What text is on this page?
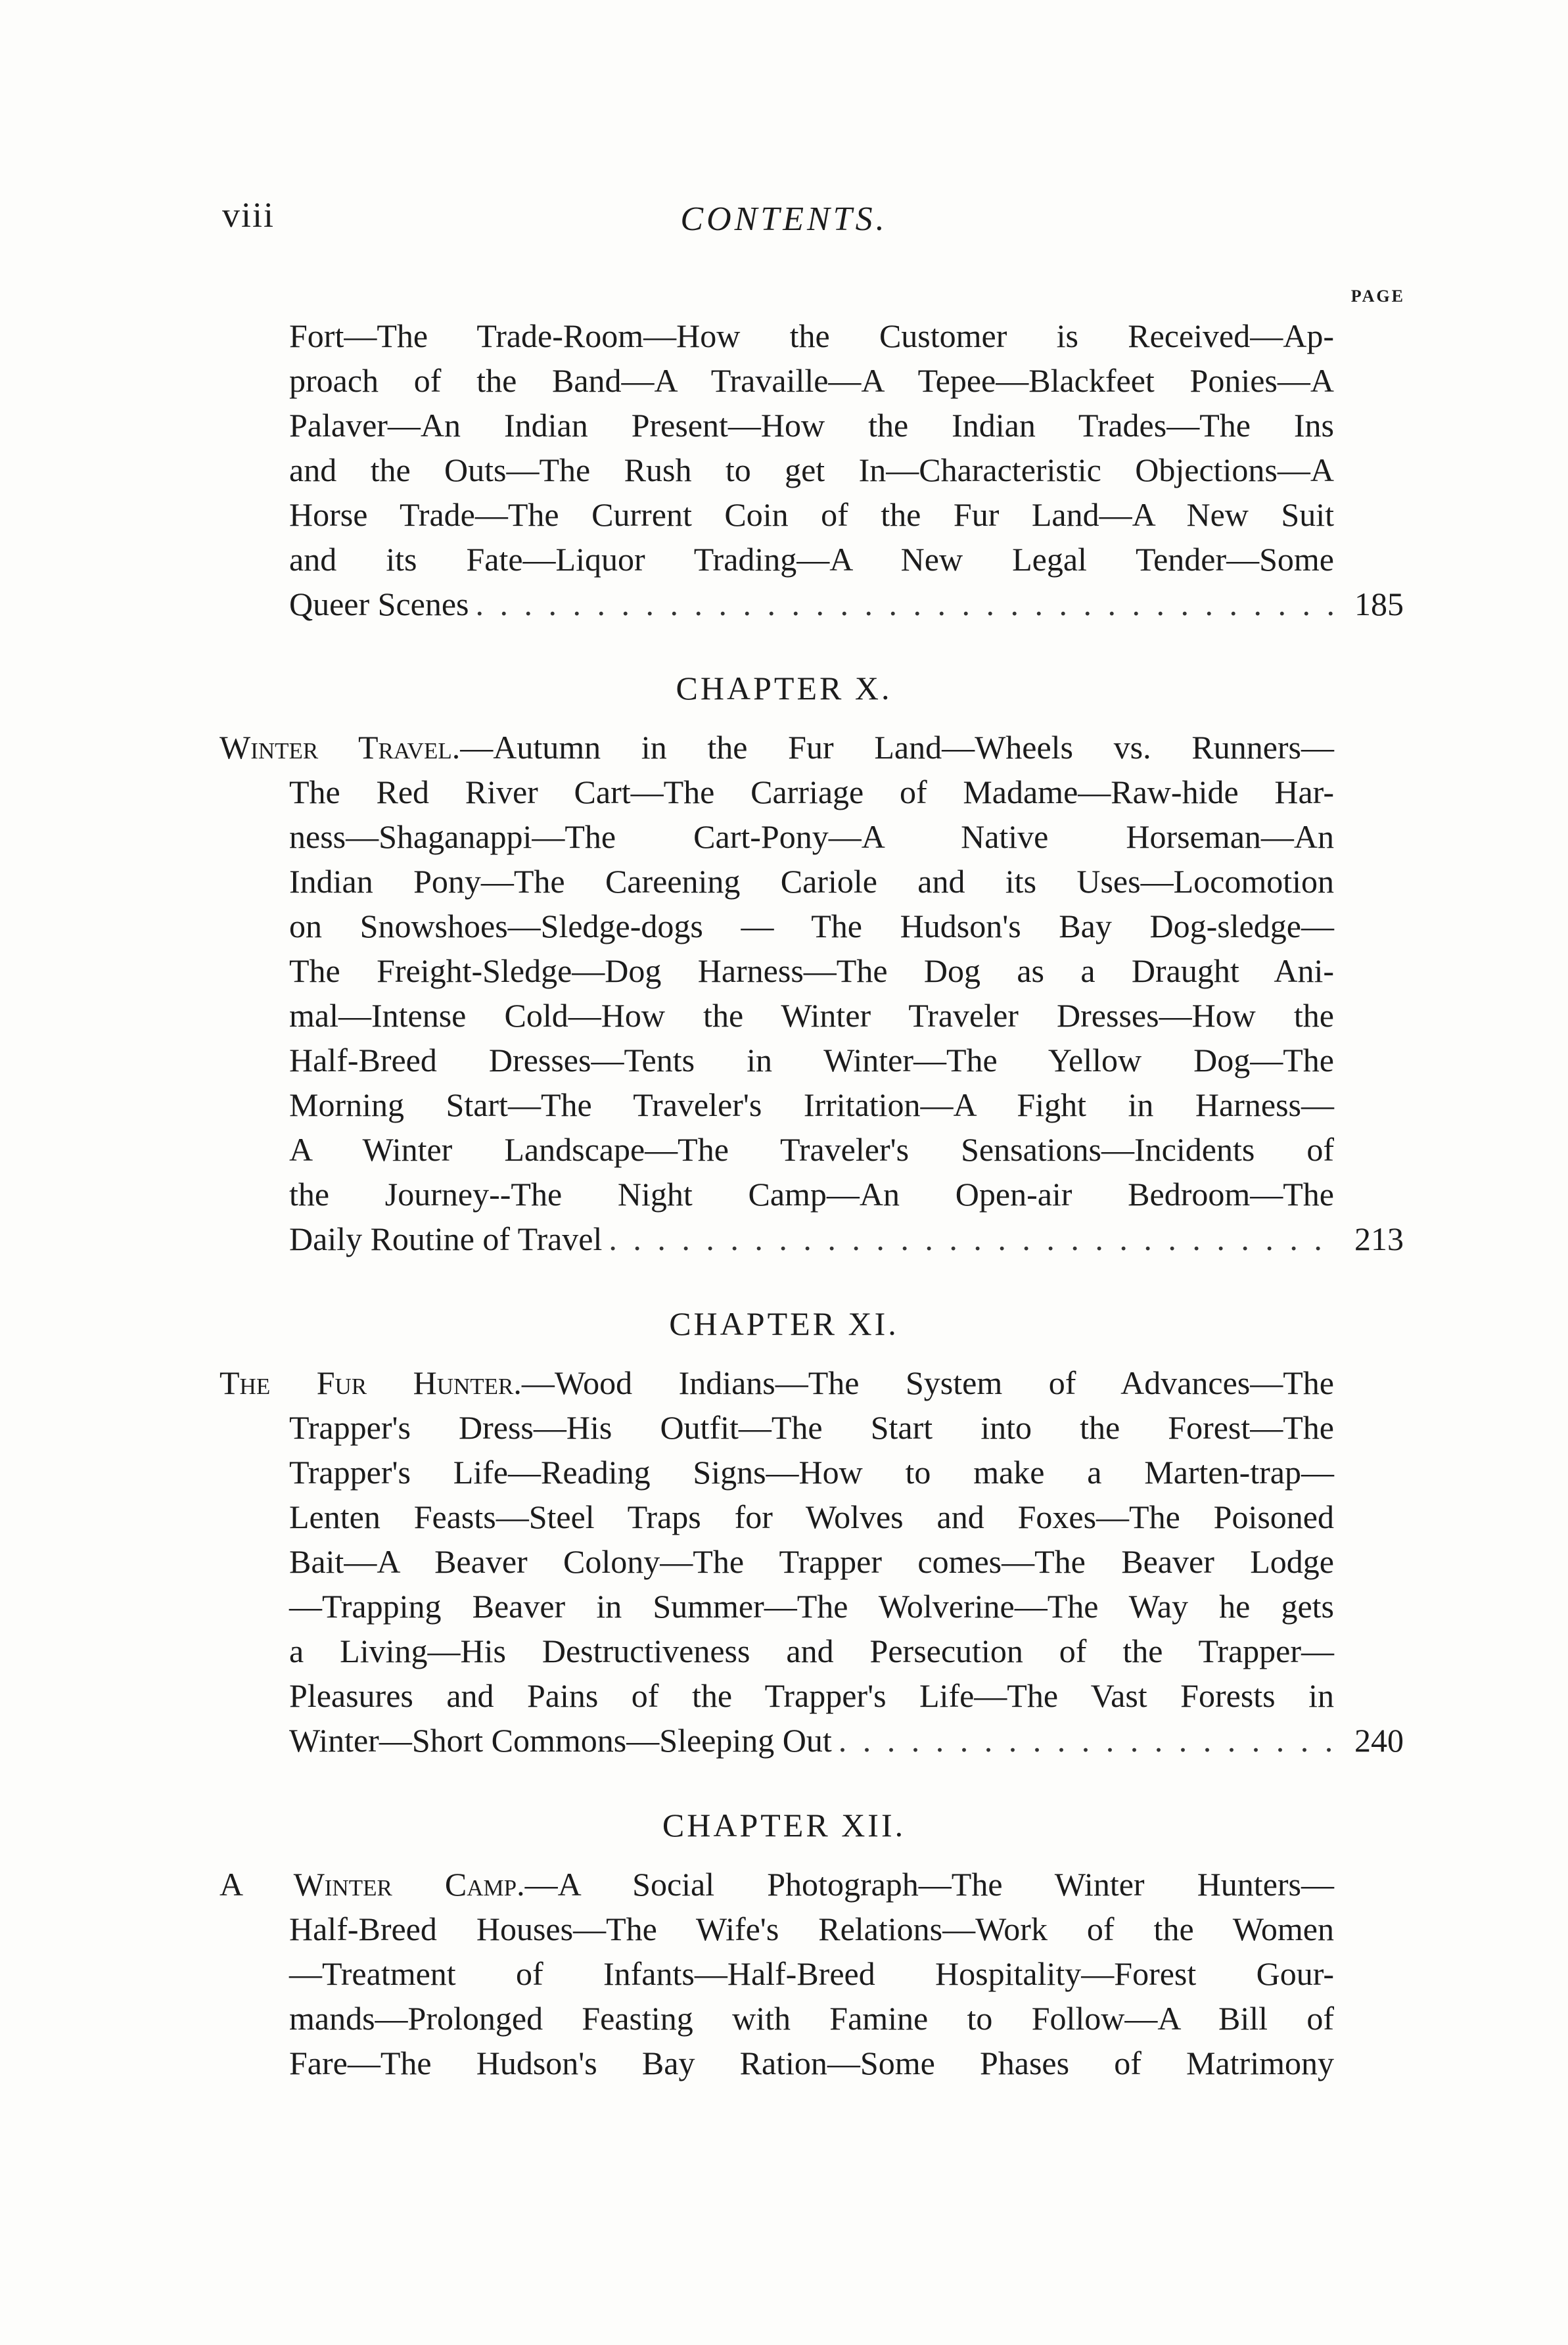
viii	CONTENTS.
PAGE
Fort—The Trade-Room—How the Customer is Received—Ap-
proach of the Band—A Travaille—A Tepee—Blackfeet Ponies—A
Palaver—An Indian Present—How the Indian Trades—The Ins
and the Outs—The Rush to get In—Characteristic Objections—A
Horse Trade—The Current Coin of the Fur Land—A New Suit
and its Fate—Liquor Trading—A New Legal Tender—Some
Queer Scenes . . .	185
CHAPTER X.
Winter Travel.—Autumn in the Fur Land—Wheels vs. Runners—
The Red River Cart—The Carriage of Madame—Raw-hide Har-
ness—Shaganappi—The Cart-Pony—A Native Horseman—An
Indian Pony—The Careening Cariole and its Uses—Locomotion
on Snowshoes—Sledge-dogs — The Hudson's Bay Dog-sledge—
The Freight-Sledge—Dog Harness—The Dog as a Draught Ani-
mal—Intense Cold—How the Winter Traveler Dresses—How the
Half-Breed Dresses—Tents in Winter—The Yellow Dog—The
Morning Start—The Traveler's Irritation—A Fight in Harness—
A Winter Landscape—The Traveler's Sensations—Incidents of
the Journey--The Night Camp—An Open-air Bedroom—The
Daily Routine of Travel . . .	213
CHAPTER XI.
The Fur Hunter.—Wood Indians—The System of Advances—The
Trapper's Dress—His Outfit—The Start into the Forest—The
Trapper's Life—Reading Signs—How to make a Marten-trap—
Lenten Feasts—Steel Traps for Wolves and Foxes—The Poisoned
Bait—A Beaver Colony—The Trapper comes—The Beaver Lodge
—Trapping Beaver in Summer—The Wolverine—The Way he gets
a Living—His Destructiveness and Persecution of the Trapper—
Pleasures and Pains of the Trapper's Life—The Vast Forests in
Winter—Short Commons—Sleeping Out . . .	240
CHAPTER XII.
A Winter Camp.—A Social Photograph—The Winter Hunters—
Half-Breed Houses—The Wife's Relations—Work of the Women
—Treatment of Infants—Half-Breed Hospitality—Forest Gour-
mands—Prolonged Feasting with Famine to Follow—A Bill of
Fare—The Hudson's Bay Ration—Some Phases of Matrimony
